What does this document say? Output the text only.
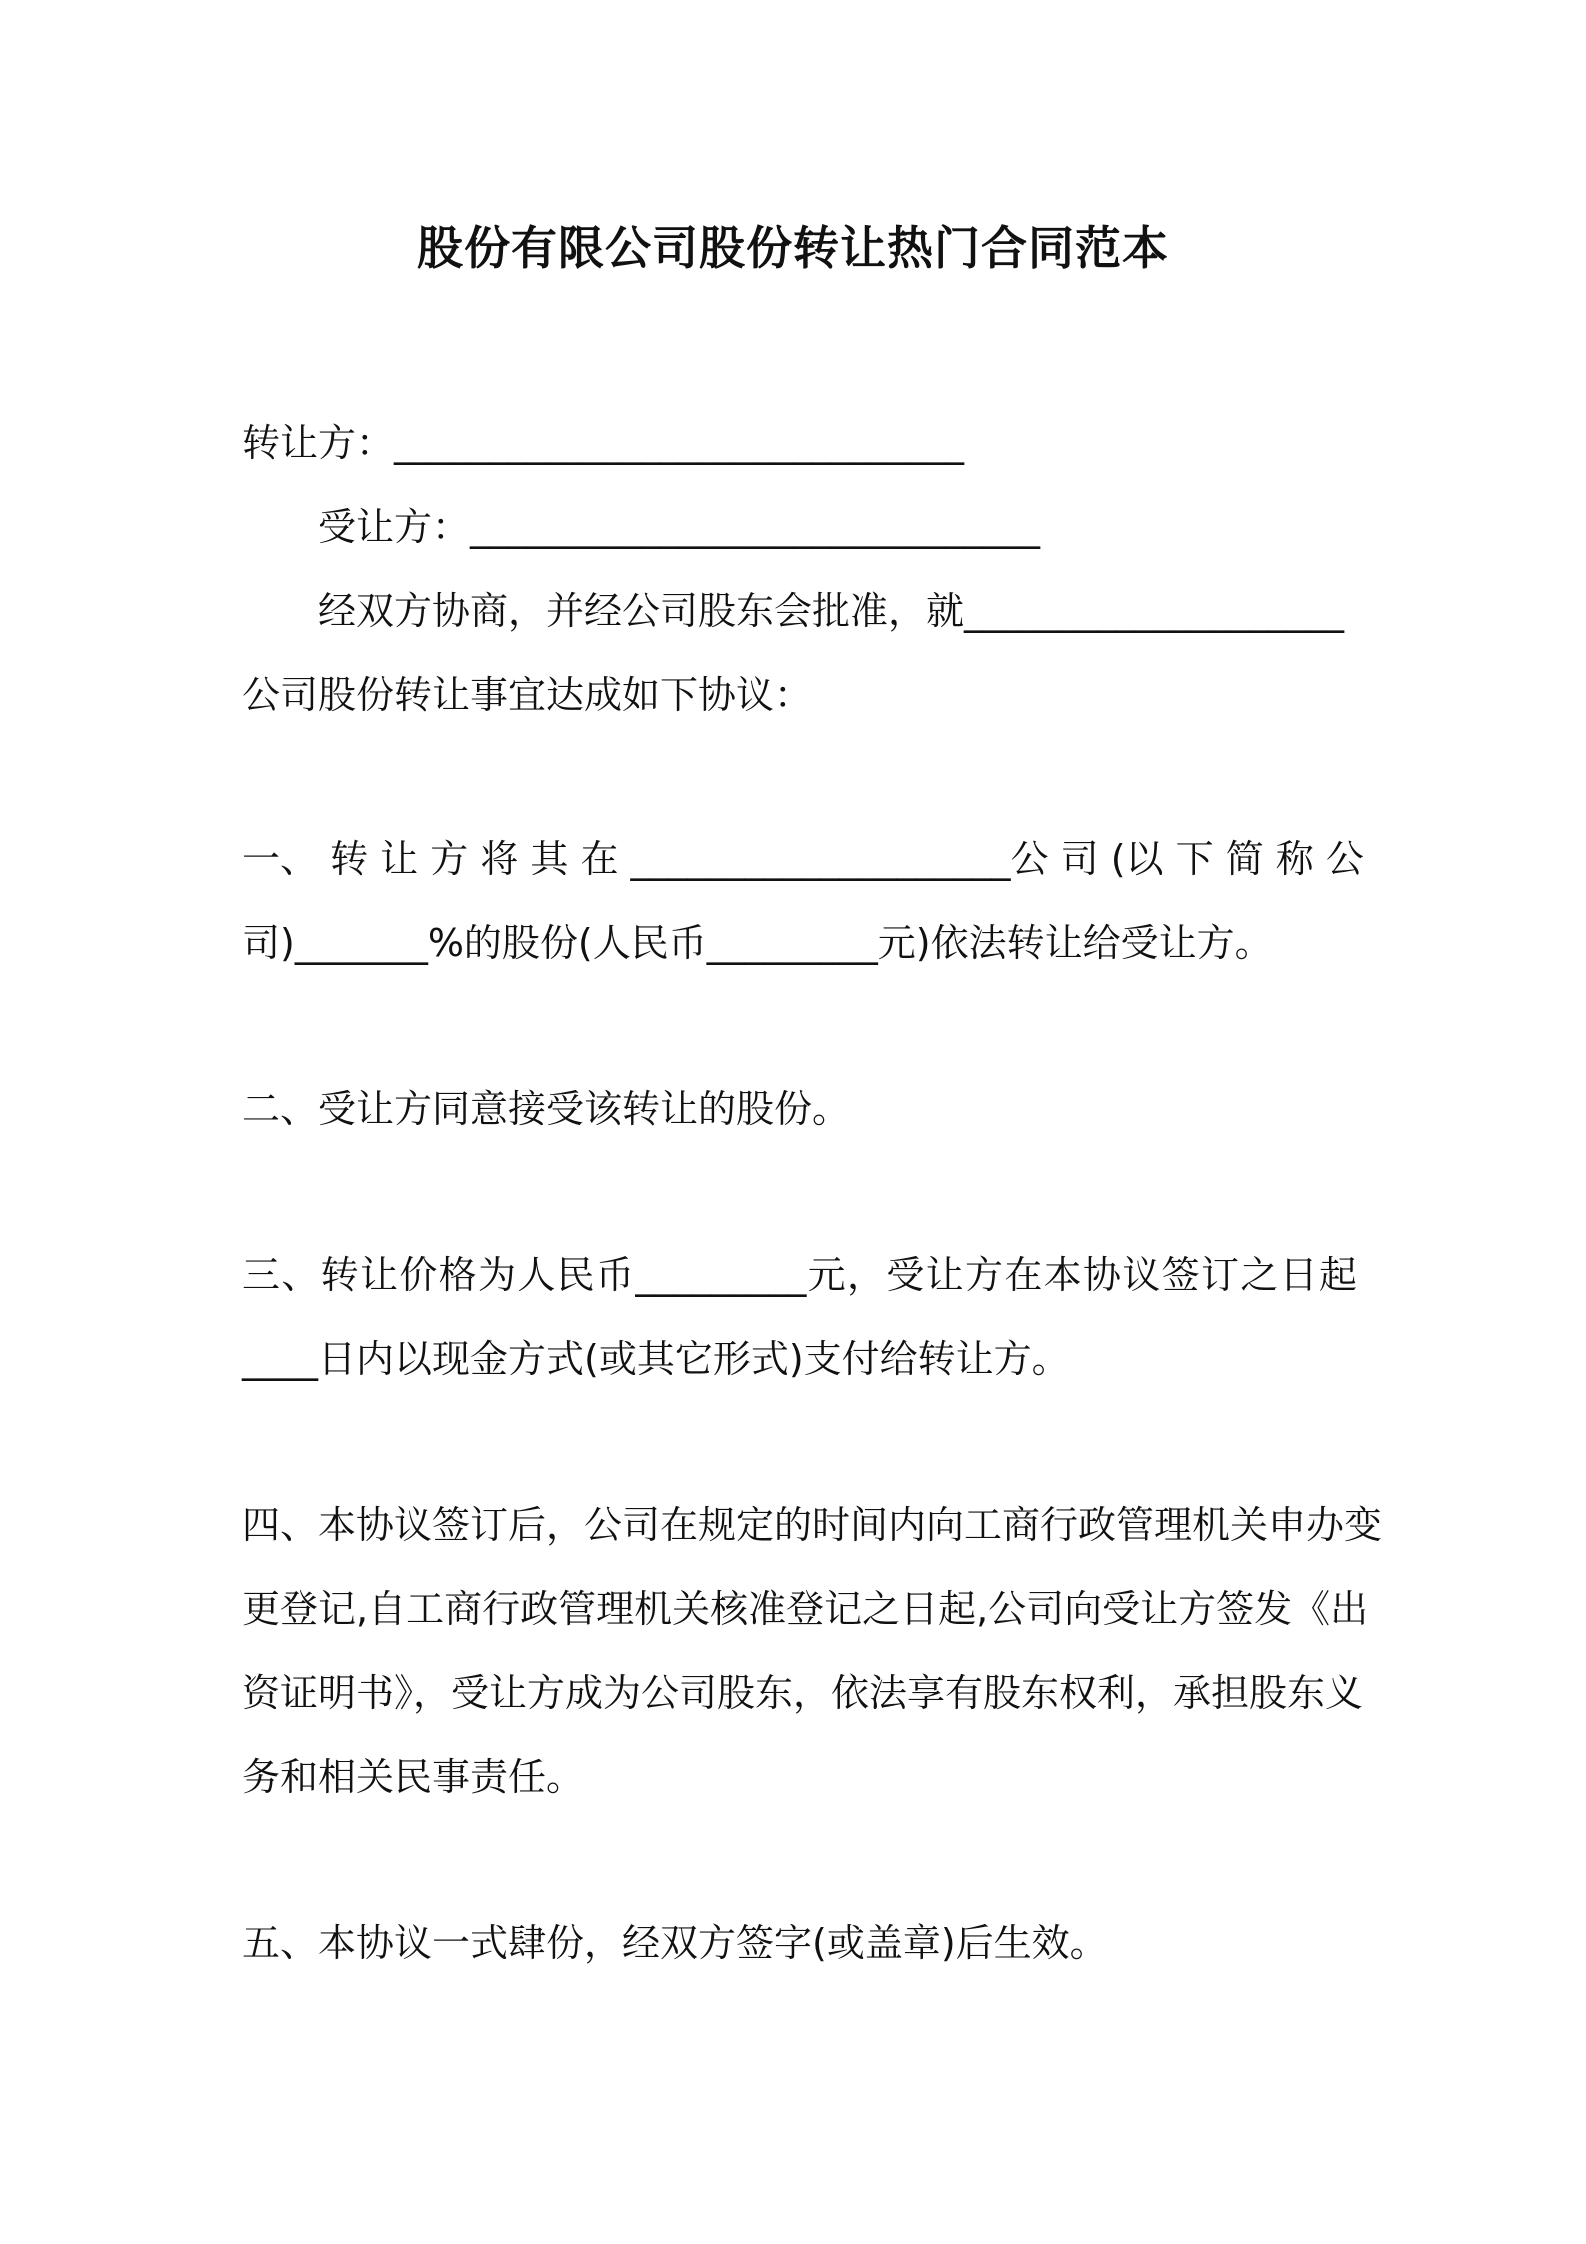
股份有限公司股份转让热门合同范本
转让方：______________________________
受让方：______________________________
经双方协商，并经公司股东会批准，就____________________
公司股份转让事宜达成如下协议：
一、 转 让 方 将 其 在 ____________________公 司 (以 下 简 称 公
司)_______%的股份(人民币_________元)依法转让给受让方。
二、受让方同意接受该转让的股份。
三、转让价格为人民币_________元，受让方在本协议签订之日起
____日内以现金方式(或其它形式)支付给转让方。
四、本协议签订后，公司在规定的时间内向工商行政管理机关申办变
更登记,自工商行政管理机关核准登记之日起,公司向受让方签发《出
资证明书》，受让方成为公司股东，依法享有股东权利，承担股东义
务和相关民事责任。
五、本协议一式肆份，经双方签字(或盖章)后生效。
